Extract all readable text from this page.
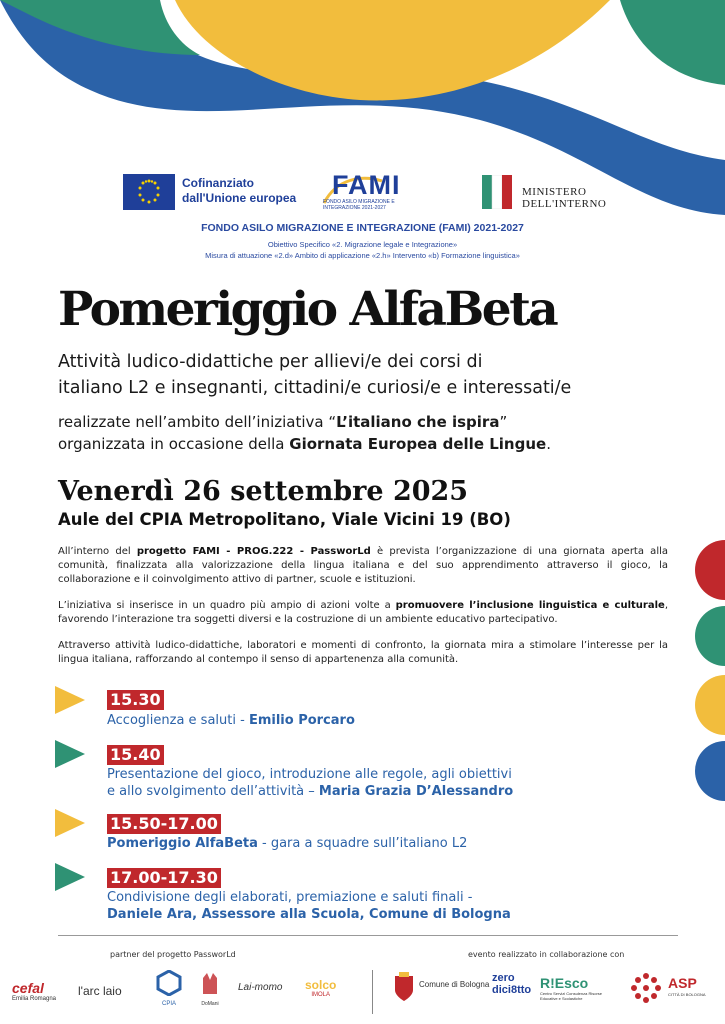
Cofinanziato dall'Unione europea	FAMI
FONDO ASILO MIGRAZIONE E INTEGRAZIONE 2021-2027
MINISTERO
DELL'INTERNO
FONDO ASILO MIGRAZIONE E INTEGRAZIONE (FAMI) 2021-2027
Obiettivo Specifico «2. Migrazione legale e Integrazione»
Misura di attuazione «2.d» Ambito di applicazione «2.h» Intervento «b) Formazione linguistica»
Pomeriggio AlfaBeta
Attività ludico-didattiche per allievi/e dei corsi di
italiano L2 e insegnanti, cittadini/e curiosi/e e interessati/e
realizzate nell’ambito dell’iniziativa “L’italiano che ispira”
organizzata in occasione della Giornata Europea delle Lingue.
Venerdì 26 settembre 2025
Aule del CPIA Metropolitano, Viale Vicini 19 (BO)
All’interno del progetto FAMI - PROG.222 - PassworLd è prevista l’organizzazione di una giornata aperta alla comunità, finalizzata alla valorizzazione della lingua italiana e del suo apprendimento attraverso il gioco, la collaborazione e il coinvolgimento attivo di partner, scuole e istituzioni.
L’iniziativa si inserisce in un quadro più ampio di azioni volte a promuovere l’inclusione linguistica e culturale, favorendo l’interazione tra soggetti diversi e la costruzione di un ambiente educativo partecipativo.
Attraverso attività ludico-didattiche, laboratori e momenti di confronto, la giornata mira a stimolare l’interesse per la lingua italiana, rafforzando al contempo il senso di appartenenza alla comunità.
15.30
Accoglienza e saluti - Emilio Porcaro
15.40
Presentazione del gioco, introduzione alle regole, agli obiettivi
e allo svolgimento dell’attività – Maria Grazia D’Alessandro
15.50-17.00
Pomeriggio AlfaBeta - gara a squadre sull’italiano L2
17.00-17.30
Condivisione degli elaborati, premiazione e saluti finali -
Daniele Ara, Assessore alla Scuola, Comune di Bologna
partner del progetto PassworLd	evento realizzato in collaborazione con
cefal
Emilia Romagna
l'arc laio
CPIA	DoMani
Lai-momo solco
IMOLA
Comune di Bologna
zero dici8tto R!Esco
Centro Servizi Consulenza Risorse Educative e Scolastiche
ASP
CITTÀ DI BOLOGNA
